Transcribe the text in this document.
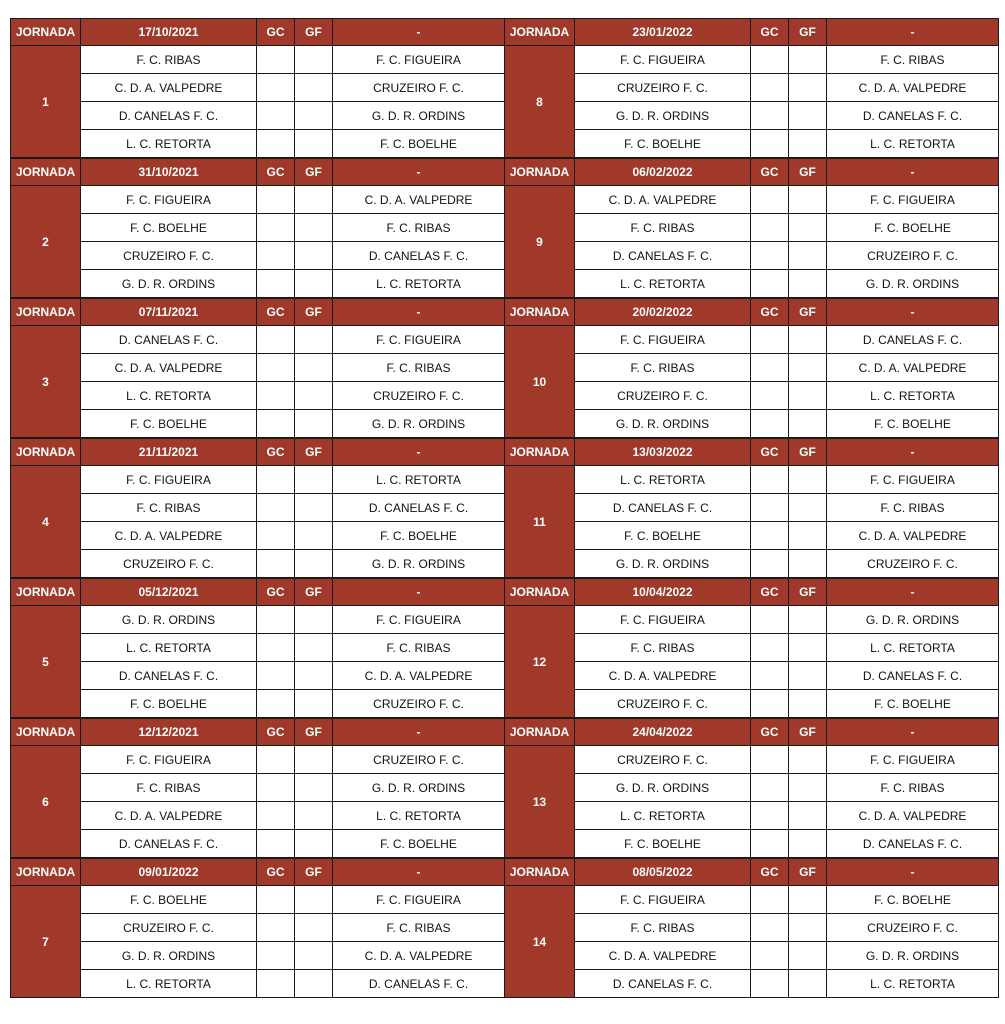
JORNADA	17/10/2021	GC	GF	-
1	F. C. RIBAS			F. C. FIGUEIRA
	C. D. A. VALPEDRE			CRUZEIRO F. C.
	D. CANELAS F. C.			G. D. R. ORDINS
	L. C. RETORTA			F. C. BOELHE
JORNADA	31/10/2021	GC	GF	-
2	F. C. FIGUEIRA			C. D. A. VALPEDRE
	F. C. BOELHE			F. C. RIBAS
	CRUZEIRO F. C.			D. CANELAS F. C.
	G. D. R. ORDINS			L. C. RETORTA
JORNADA	07/11/2021	GC	GF	-
3	D. CANELAS F. C.			F. C. FIGUEIRA
	C. D. A. VALPEDRE			F. C. RIBAS
	L. C. RETORTA			CRUZEIRO F. C.
	F. C. BOELHE			G. D. R. ORDINS
JORNADA	21/11/2021	GC	GF	-
4	F. C. FIGUEIRA			L. C. RETORTA
	F. C. RIBAS			D. CANELAS F. C.
	C. D. A. VALPEDRE			F. C. BOELHE
	CRUZEIRO F. C.			G. D. R. ORDINS
JORNADA	05/12/2021	GC	GF	-
5	G. D. R. ORDINS			F. C. FIGUEIRA
	L. C. RETORTA			F. C. RIBAS
	D. CANELAS F. C.			C. D. A. VALPEDRE
	F. C. BOELHE			CRUZEIRO F. C.
JORNADA	12/12/2021	GC	GF	-
6	F. C. FIGUEIRA			CRUZEIRO F. C.
	F. C. RIBAS			G. D. R. ORDINS
	C. D. A. VALPEDRE			L. C. RETORTA
	D. CANELAS F. C.			F. C. BOELHE
JORNADA	09/01/2022	GC	GF	-
7	F. C. BOELHE			F. C. FIGUEIRA
	CRUZEIRO F. C.			F. C. RIBAS
	G. D. R. ORDINS			C. D. A. VALPEDRE
	L. C. RETORTA			D. CANELAS F. C.
JORNADA	23/01/2022	GC	GF	-
8	F. C. FIGUEIRA			F. C. RIBAS
	CRUZEIRO F. C.			C. D. A. VALPEDRE
	G. D. R. ORDINS			D. CANELAS F. C.
	F. C. BOELHE			L. C. RETORTA
JORNADA	06/02/2022	GC	GF	-
9	C. D. A. VALPEDRE			F. C. FIGUEIRA
	F. C. RIBAS			F. C. BOELHE
	D. CANELAS F. C.			CRUZEIRO F. C.
	L. C. RETORTA			G. D. R. ORDINS
JORNADA	20/02/2022	GC	GF	-
10	F. C. FIGUEIRA			D. CANELAS F. C.
	F. C. RIBAS			C. D. A. VALPEDRE
	CRUZEIRO F. C.			L. C. RETORTA
	G. D. R. ORDINS			F. C. BOELHE
JORNADA	13/03/2022	GC	GF	-
11	L. C. RETORTA			F. C. FIGUEIRA
	D. CANELAS F. C.			F. C. RIBAS
	F. C. BOELHE			C. D. A. VALPEDRE
	G. D. R. ORDINS			CRUZEIRO F. C.
JORNADA	10/04/2022	GC	GF	-
12	F. C. FIGUEIRA			G. D. R. ORDINS
	F. C. RIBAS			L. C. RETORTA
	C. D. A. VALPEDRE			D. CANELAS F. C.
	CRUZEIRO F. C.			F. C. BOELHE
JORNADA	24/04/2022	GC	GF	-
13	CRUZEIRO F. C.			F. C. FIGUEIRA
	G. D. R. ORDINS			F. C. RIBAS
	L. C. RETORTA			C. D. A. VALPEDRE
	F. C. BOELHE			D. CANELAS F. C.
JORNADA	08/05/2022	GC	GF	-
14	F. C. FIGUEIRA			F. C. BOELHE
	F. C. RIBAS			CRUZEIRO F. C.
	C. D. A. VALPEDRE			G. D. R. ORDINS
	D. CANELAS F. C.			L. C. RETORTA
